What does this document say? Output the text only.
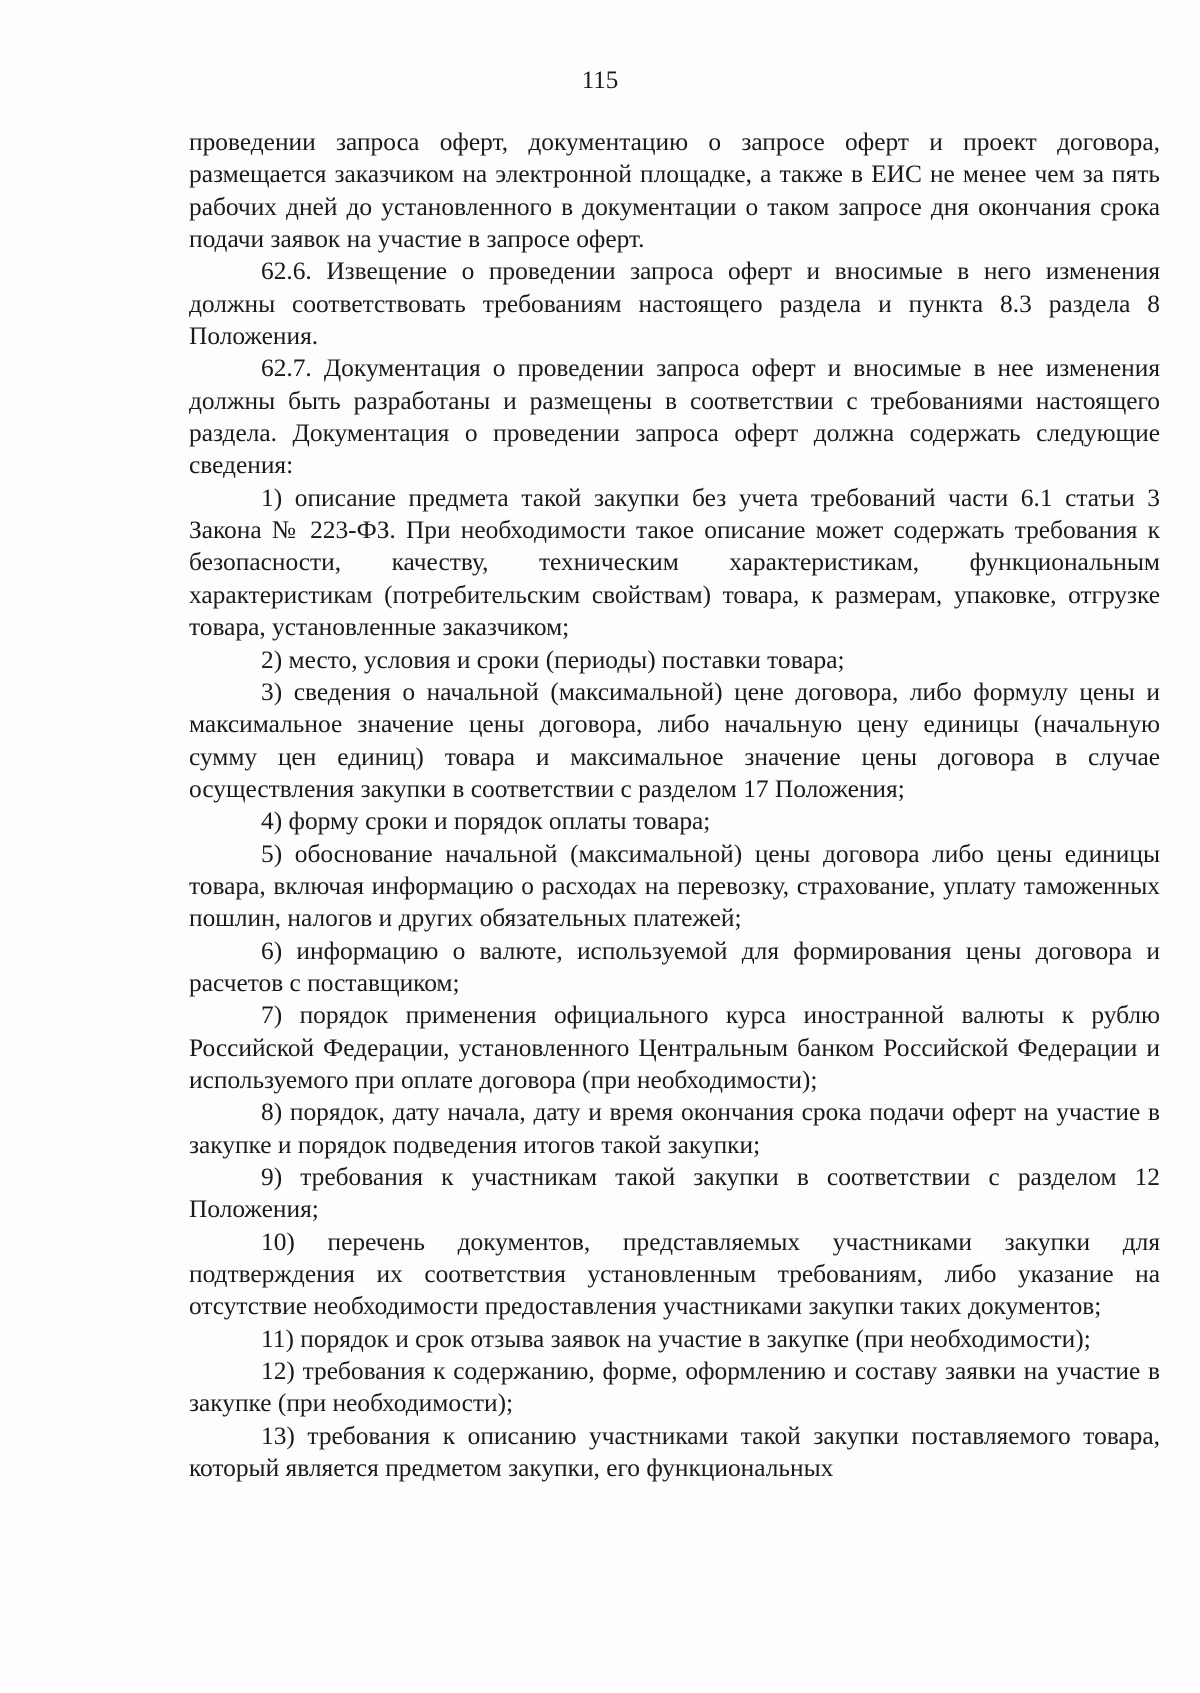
115

проведении запроса оферт, документацию о запросе оферт и проект договора, размещается заказчиком на электронной площадке, а также в ЕИС не менее чем за пять рабочих дней до установленного в документации о таком запросе дня окончания срока подачи заявок на участие в запросе оферт.

62.6. Извещение о проведении запроса оферт и вносимые в него изменения должны соответствовать требованиям настоящего раздела и пункта 8.3 раздела 8 Положения.

62.7. Документация о проведении запроса оферт и вносимые в нее изменения должны быть разработаны и размещены в соответствии с требованиями настоящего раздела. Документация о проведении запроса оферт должна содержать следующие сведения:

1) описание предмета такой закупки без учета требований части 6.1 статьи 3 Закона № 223-ФЗ. При необходимости такое описание может содержать требования к безопасности, качеству, техническим характеристикам, функциональным характеристикам (потребительским свойствам) товара, к размерам, упаковке, отгрузке товара, установленные заказчиком;

2) место, условия и сроки (периоды) поставки товара;

3) сведения о начальной (максимальной) цене договора, либо формулу цены и максимальное значение цены договора, либо начальную цену единицы (начальную сумму цен единиц) товара и максимальное значение цены договора в случае осуществления закупки в соответствии с разделом 17 Положения;

4) форму сроки и порядок оплаты товара;

5) обоснование начальной (максимальной) цены договора либо цены единицы товара, включая информацию о расходах на перевозку, страхование, уплату таможенных пошлин, налогов и других обязательных платежей;

6) информацию о валюте, используемой для формирования цены договора и расчетов с поставщиком;

7) порядок применения официального курса иностранной валюты к рублю Российской Федерации, установленного Центральным банком Российской Федерации и используемого при оплате договора (при необходимости);

8) порядок, дату начала, дату и время окончания срока подачи оферт на участие в закупке и порядок подведения итогов такой закупки;

9) требования к участникам такой закупки в соответствии с разделом 12 Положения;

10) перечень документов, представляемых участниками закупки для подтверждения их соответствия установленным требованиям, либо указание на отсутствие необходимости предоставления участниками закупки таких документов;

11) порядок и срок отзыва заявок на участие в закупке (при необходимости);

12) требования к содержанию, форме, оформлению и составу заявки на участие в закупке (при необходимости);

13) требования к описанию участниками такой закупки поставляемого товара, который является предметом закупки, его функциональных
